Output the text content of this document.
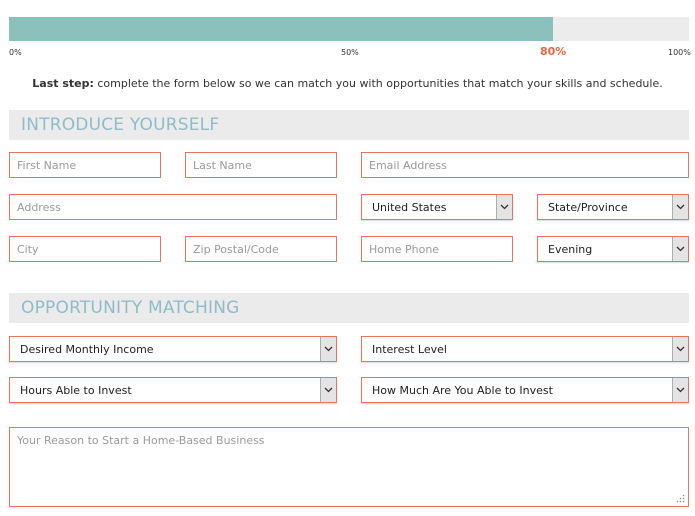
0%	50%	80%	100%
Last step: complete the form below so we can match you with opportunities that match your skills and schedule.
INTRODUCE YOURSELF
First Name
Last Name
Email Address
Address
United States	State/Province
City
Zip Postal/Code
Home Phone
Evening
OPPORTUNITY MATCHING
Desired Monthly Income	Interest Level
Hours Able to Invest	How Much Are You Able to Invest
Your Reason to Start a Home-Based Business
